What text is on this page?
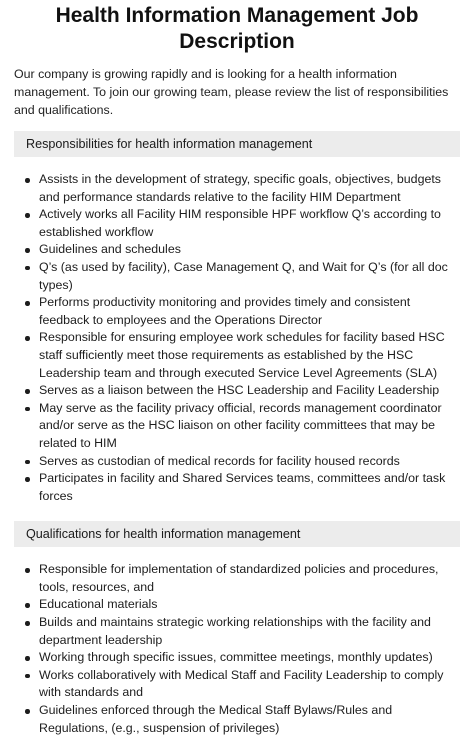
Health Information Management Job
Description

Our company is growing rapidly and is looking for a health information management. To join our growing team, please review the list of responsibilities and qualifications.

Responsibilities for health information management
Assists in the development of strategy, specific goals, objectives, budgets and performance standards relative to the facility HIM Department
Actively works all Facility HIM responsible HPF workflow Q’s according to established workflow
Guidelines and schedules
Q’s (as used by facility), Case Management Q, and Wait for Q’s (for all doc types)
Performs productivity monitoring and provides timely and consistent feedback to employees and the Operations Director
Responsible for ensuring employee work schedules for facility based HSC staff sufficiently meet those requirements as established by the HSC Leadership team and through executed Service Level Agreements (SLA)
Serves as a liaison between the HSC Leadership and Facility Leadership
May serve as the facility privacy official, records management coordinator and/or serve as the HSC liaison on other facility committees that may be related to HIM
Serves as custodian of medical records for facility housed records
Participates in facility and Shared Services teams, committees and/or task forces
Qualifications for health information management
Responsible for implementation of standardized policies and procedures, tools, resources, and
Educational materials
Builds and maintains strategic working relationships with the facility and department leadership
Working through specific issues, committee meetings, monthly updates)
Works collaboratively with Medical Staff and Facility Leadership to comply with standards and
Guidelines enforced through the Medical Staff Bylaws/Rules and Regulations, (e.g., suspension of privileges)
